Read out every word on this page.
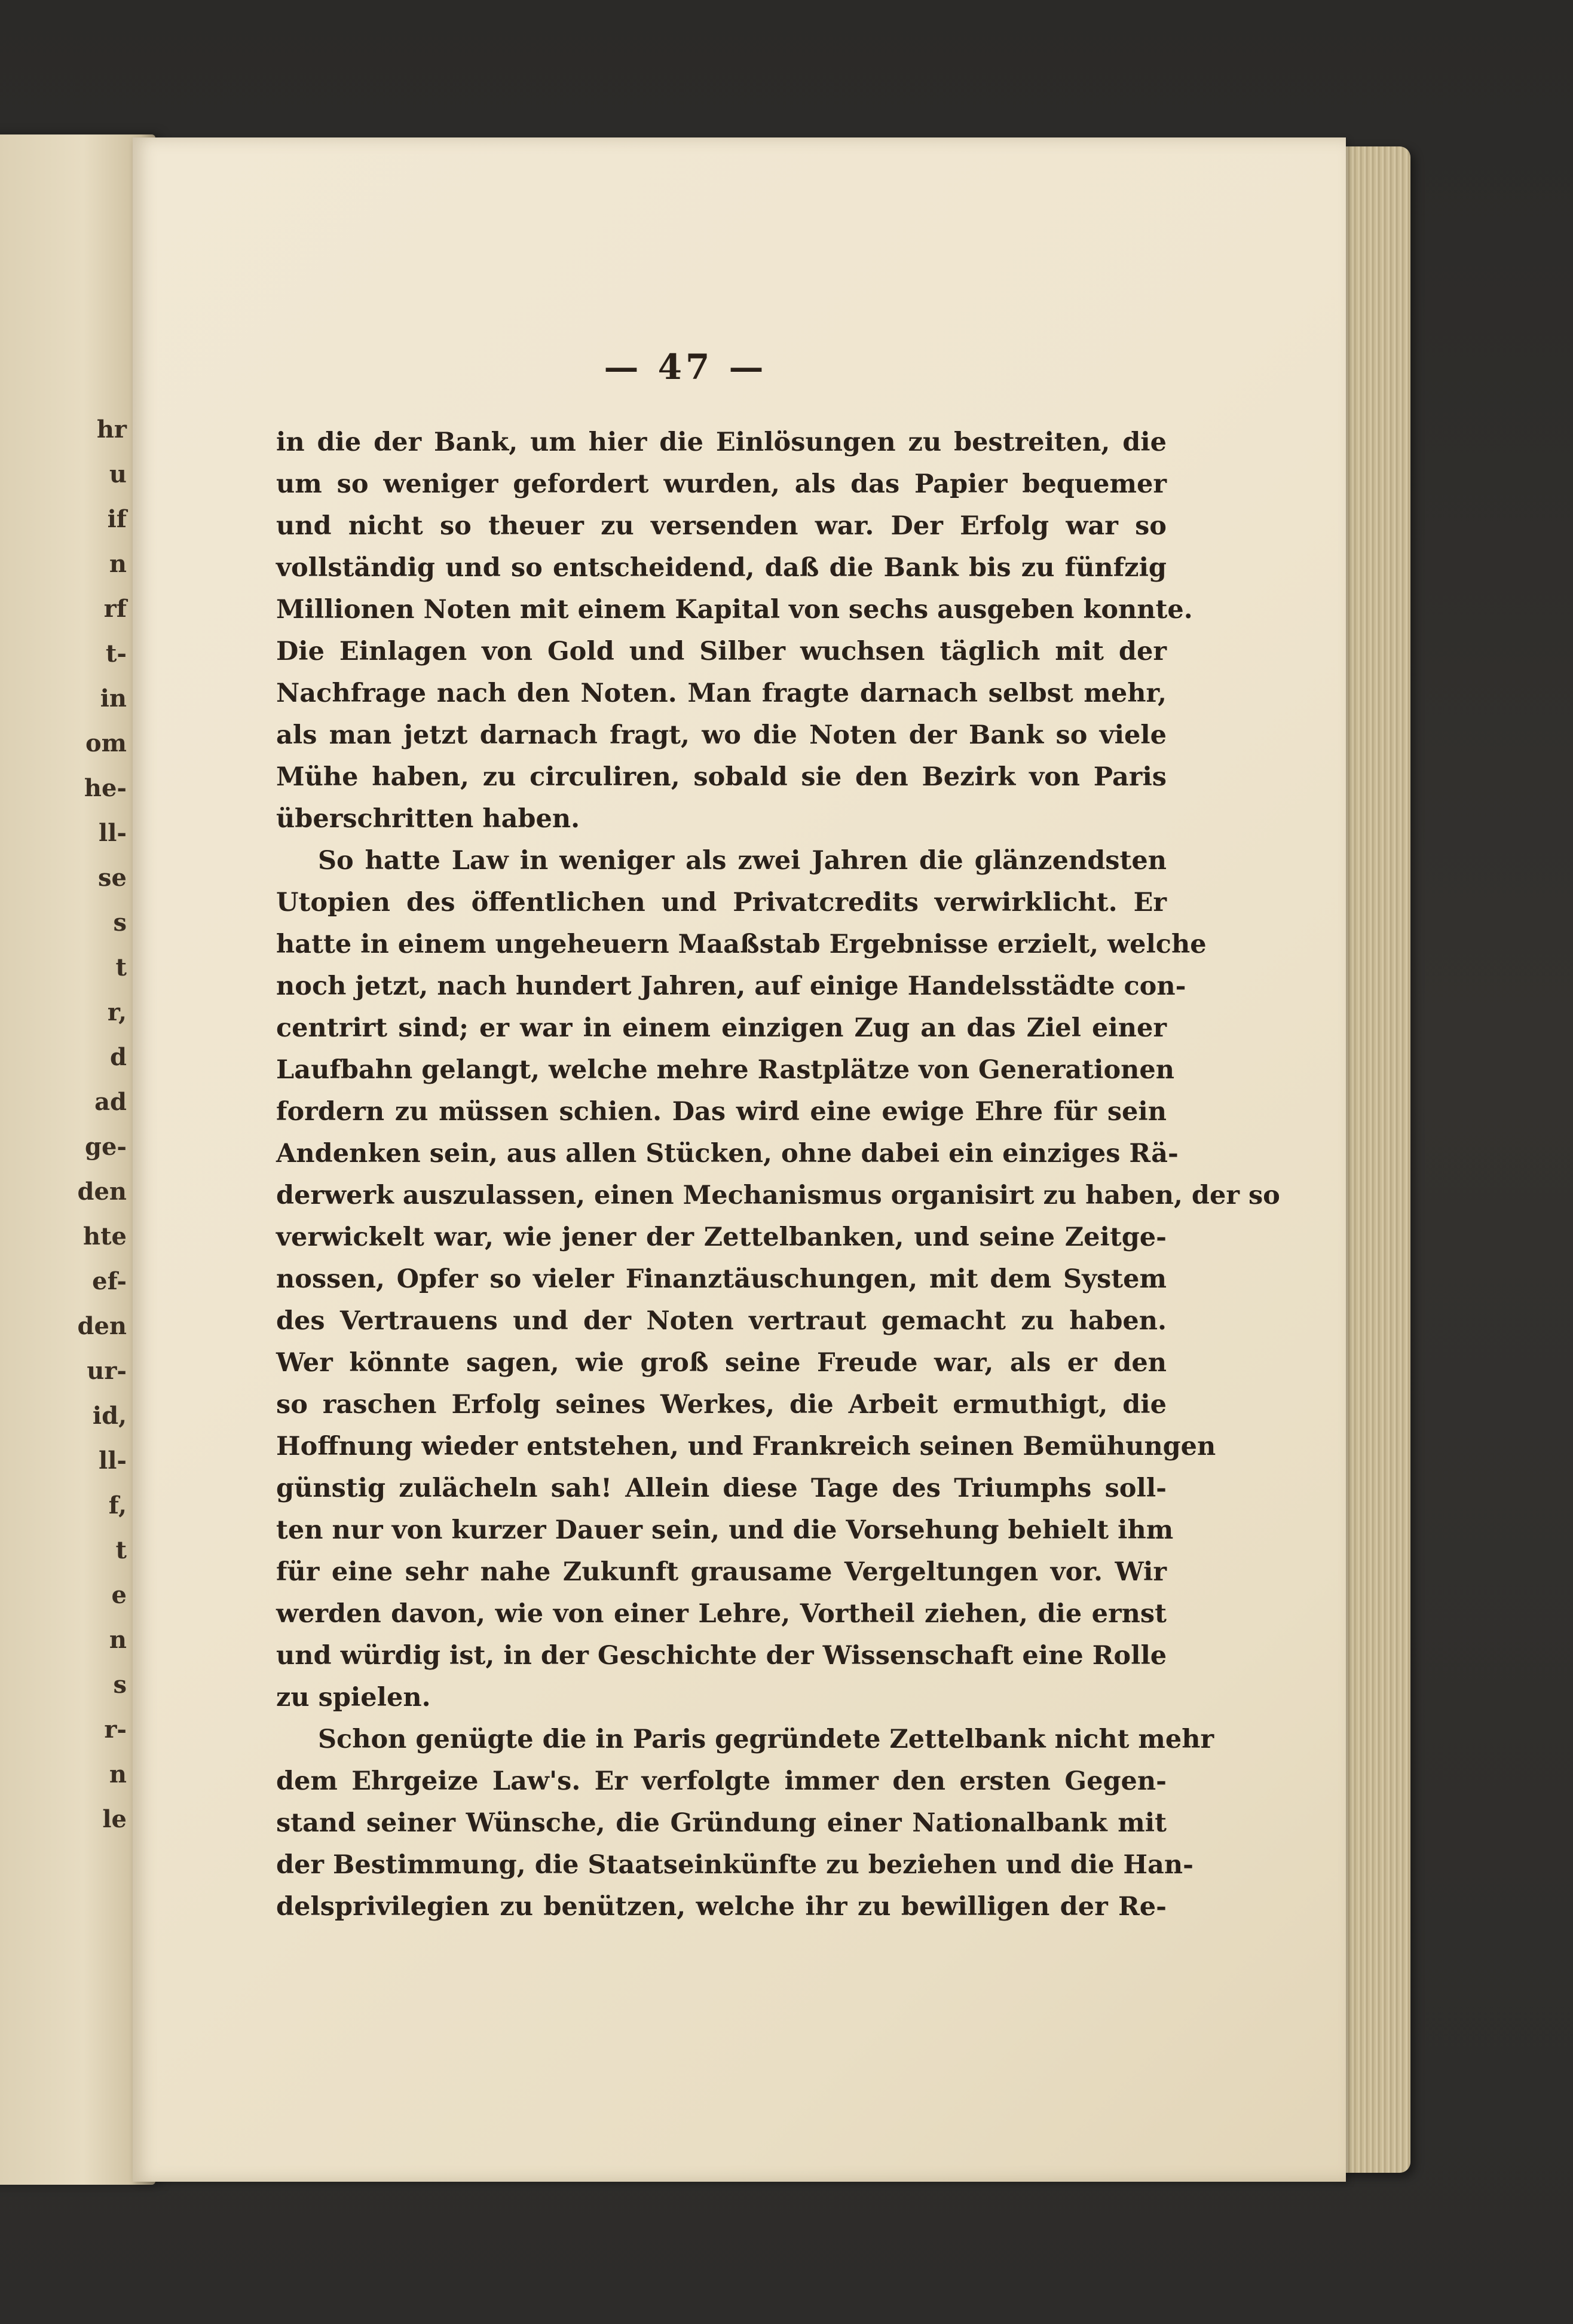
hr
u
if
n
rf
t-
in
om
he-
ll-
se
s
t
r,
d
ad
ge-
den
hte
ef-
den
ur-
id,
ll-
f,
t
e
n
s
r-
n
le
— 47 —
in die der Bank, um hier die Einlösungen zu bestreiten, die
um so weniger gefordert wurden, als das Papier bequemer
und nicht so theuer zu versenden war. Der Erfolg war so
vollständig und so entscheidend, daß die Bank bis zu fünfzig
Millionen Noten mit einem Kapital von sechs ausgeben konnte.
Die Einlagen von Gold und Silber wuchsen täglich mit der
Nachfrage nach den Noten. Man fragte darnach selbst mehr,
als man jetzt darnach fragt, wo die Noten der Bank so viele
Mühe haben, zu circuliren, sobald sie den Bezirk von Paris
überschritten haben.
So hatte Law in weniger als zwei Jahren die glänzendsten
Utopien des öffentlichen und Privatcredits verwirklicht. Er
hatte in einem ungeheuern Maaßstab Ergebnisse erzielt, welche
noch jetzt, nach hundert Jahren, auf einige Handelsstädte con-
centrirt sind; er war in einem einzigen Zug an das Ziel einer
Laufbahn gelangt, welche mehre Rastplätze von Generationen
fordern zu müssen schien. Das wird eine ewige Ehre für sein
Andenken sein, aus allen Stücken, ohne dabei ein einziges Rä-
derwerk auszulassen, einen Mechanismus organisirt zu haben, der so
verwickelt war, wie jener der Zettelbanken, und seine Zeitge-
nossen, Opfer so vieler Finanztäuschungen, mit dem System
des Vertrauens und der Noten vertraut gemacht zu haben.
Wer könnte sagen, wie groß seine Freude war, als er den
so raschen Erfolg seines Werkes, die Arbeit ermuthigt, die
Hoffnung wieder entstehen, und Frankreich seinen Bemühungen
günstig zulächeln sah! Allein diese Tage des Triumphs soll-
ten nur von kurzer Dauer sein, und die Vorsehung behielt ihm
für eine sehr nahe Zukunft grausame Vergeltungen vor. Wir
werden davon, wie von einer Lehre, Vortheil ziehen, die ernst
und würdig ist, in der Geschichte der Wissenschaft eine Rolle
zu spielen.
Schon genügte die in Paris gegründete Zettelbank nicht mehr
dem Ehrgeize Law's. Er verfolgte immer den ersten Gegen-
stand seiner Wünsche, die Gründung einer Nationalbank mit
der Bestimmung, die Staatseinkünfte zu beziehen und die Han-
delsprivilegien zu benützen, welche ihr zu bewilligen der Re-
